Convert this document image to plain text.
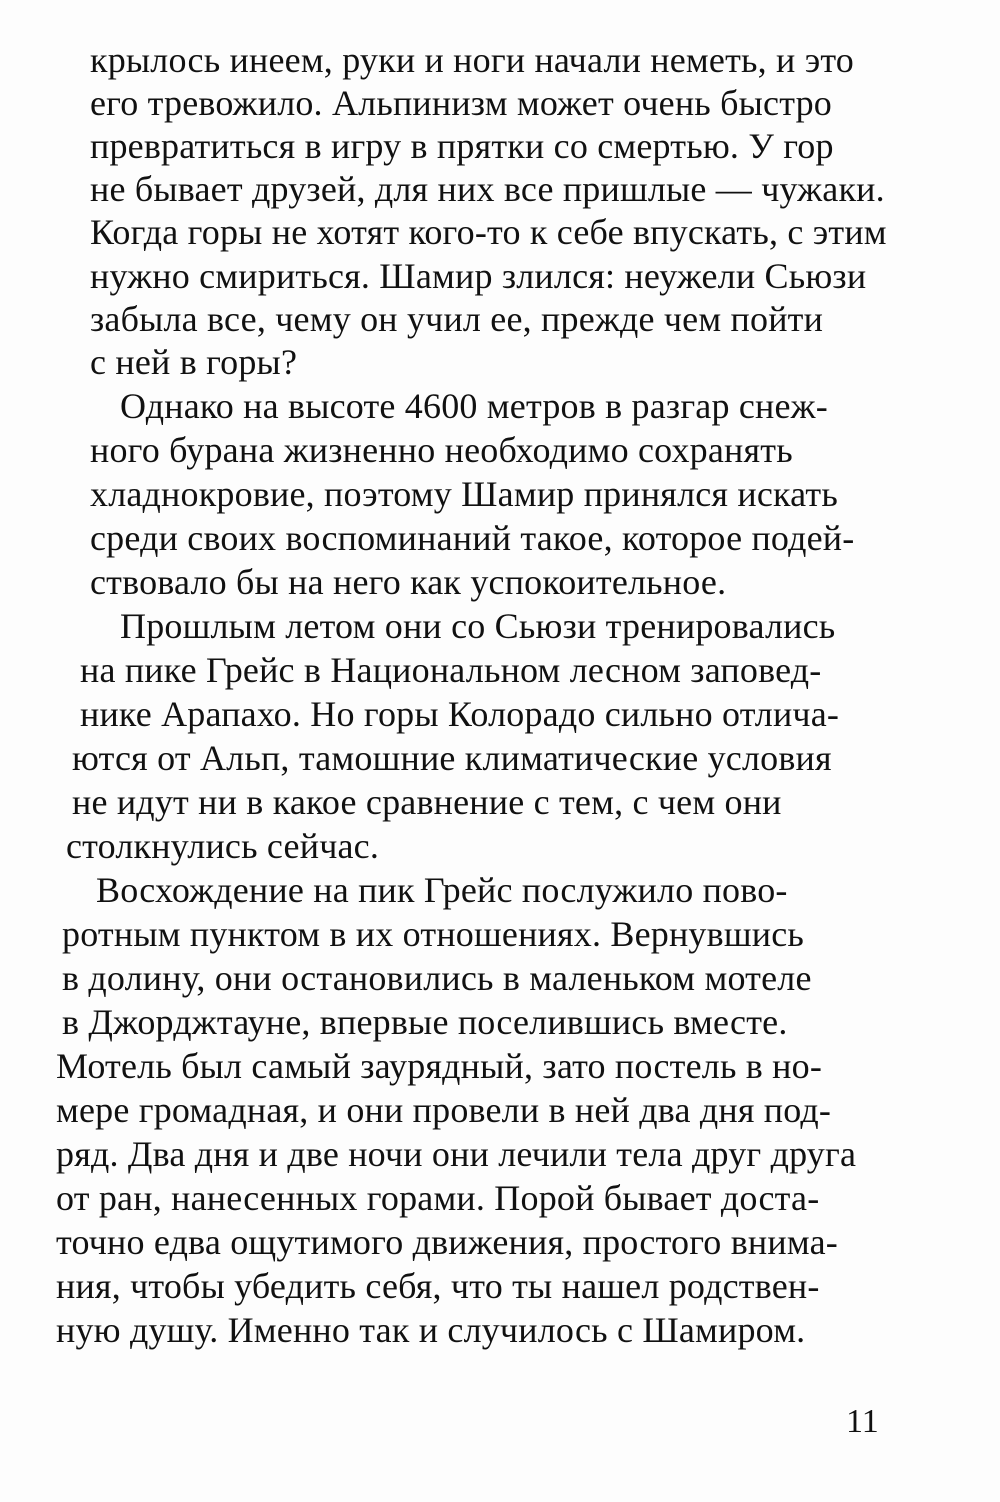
крылось инеем, руки и ноги начали неметь, и это

его тревожило. Альпинизм может очень быстро

превратиться в игру в прятки со смертью. У гор

не бывает друзей, для них все пришлые — чужаки.

Когда горы не хотят кого-то к себе впускать, с этим

нужно смириться. Шамир злился: неужели Сьюзи

забыла все, чему он учил ее, прежде чем пойти

с ней в горы?

Однако на высоте 4600 метров в разгар снеж-

ного бурана жизненно необходимо сохранять

хладнокровие, поэтому Шамир принялся искать

среди своих воспоминаний такое, которое подей-

ствовало бы на него как успокоительное.

Прошлым летом они со Сьюзи тренировались

на пике Грейс в Национальном лесном заповед-

нике Арапахо. Но горы Колорадо сильно отлича-

ются от Альп, тамошние климатические условия

не идут ни в какое сравнение с тем, с чем они

столкнулись сейчас.

Восхождение на пик Грейс послужило пово-

ротным пунктом в их отношениях. Вернувшись

в долину, они остановились в маленьком мотеле

в Джорджтауне, впервые поселившись вместе.

Мотель был самый заурядный, зато постель в но-

мере громадная, и они провели в ней два дня под-

ряд. Два дня и две ночи они лечили тела друг друга

от ран, нанесенных горами. Порой бывает доста-

точно едва ощутимого движения, простого внима-

ния, чтобы убедить себя, что ты нашел родствен-

ную душу. Именно так и случилось с Шамиром.

11
